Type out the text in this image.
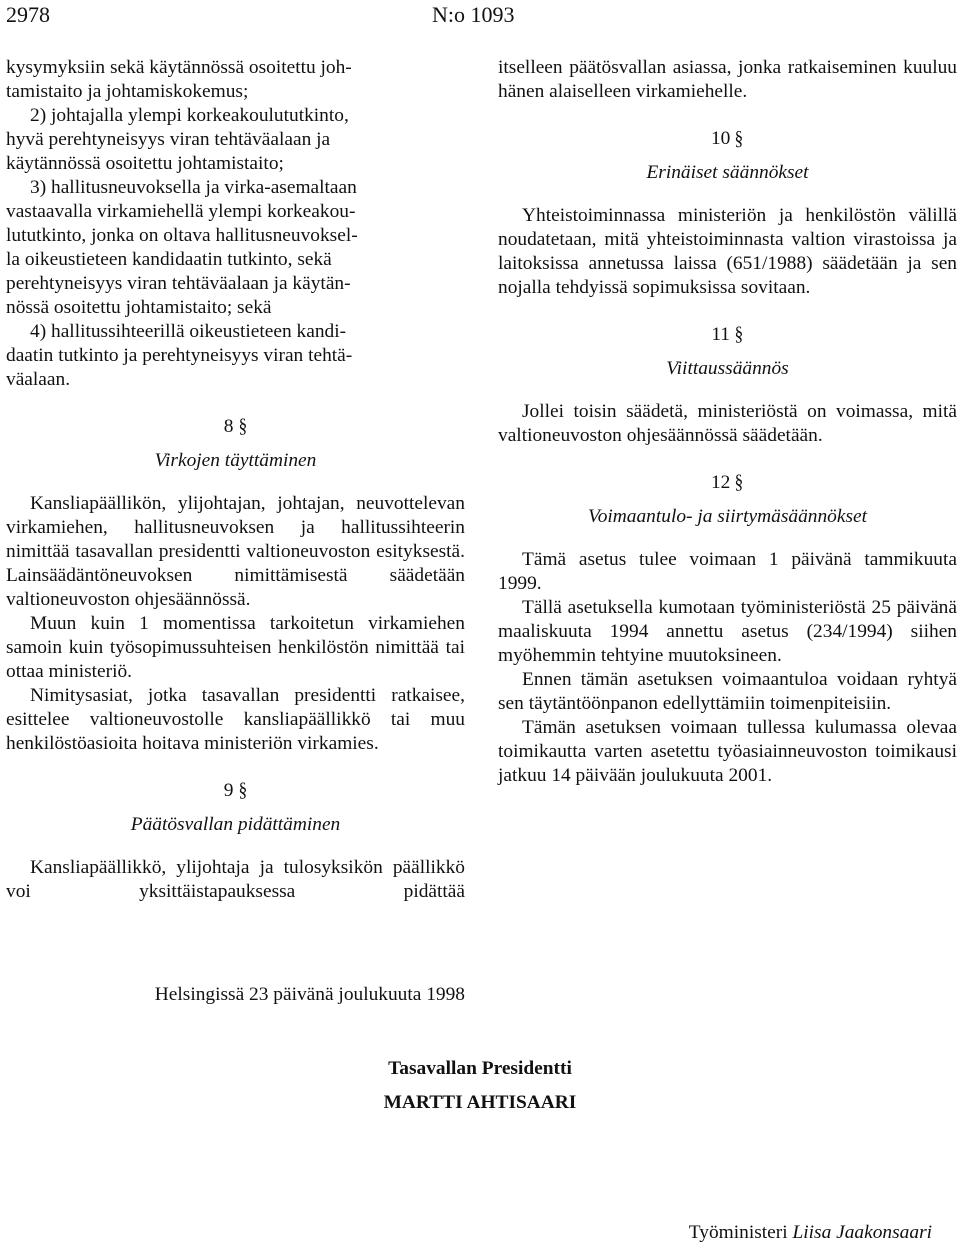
2978	N:o 1093
kysymyksiin sekä käytännössä osoitettu joh-
tamistaito ja johtamiskokemus;
2) johtajalla ylempi korkeakoulututkinto,
hyvä perehtyneisyys viran tehtäväalaan ja
käytännössä osoitettu johtamistaito;
3) hallitusneuvoksella ja virka-asemaltaan
vastaavalla virkamiehellä ylempi korkeakou-
lututkinto, jonka on oltava hallitusneuvoksel-
la oikeustieteen kandidaatin tutkinto, sekä
perehtyneisyys viran tehtäväalaan ja käytän-
nössä osoitettu johtamistaito; sekä
4) hallitussihteerillä oikeustieteen kandi-
daatin tutkinto ja perehtyneisyys viran tehtä-
väalaan.
8 §
Virkojen täyttäminen

Kansliapäällikön, ylijohtajan, johtajan, neuvottelevan virkamiehen, hallitusneuvoksen ja hallitussihteerin nimittää tasavallan presidentti valtioneuvoston esityksestä. Lainsäädäntöneuvoksen nimittämisestä säädetään valtioneuvoston ohjesäännössä.

Muun kuin 1 momentissa tarkoitetun virkamiehen samoin kuin työsopimussuhteisen henkilöstön nimittää tai ottaa ministeriö.

Nimitysasiat, jotka tasavallan presidentti ratkaisee, esittelee valtioneuvostolle kansliapäällikkö tai muu henkilöstöasioita hoitava ministeriön virkamies.

9 §
Päätösvallan pidättäminen

Kansliapäällikkö, ylijohtaja ja tulosyksikön päällikkö voi yksittäistapauksessa pidättää

itselleen päätösvallan asiassa, jonka ratkaiseminen kuuluu hänen alaiselleen virkamiehelle.

10 §
Erinäiset säännökset

Yhteistoiminnassa ministeriön ja henkilöstön välillä noudatetaan, mitä yhteistoiminnasta valtion virastoissa ja laitoksissa annetussa laissa (651/1988) säädetään ja sen nojalla tehdyissä sopimuksissa sovitaan.

11 §
Viittaussäännös

Jollei toisin säädetä, ministeriöstä on voimassa, mitä valtioneuvoston ohjesäännössä säädetään.

12 §
Voimaantulo- ja siirtymäsäännökset

Tämä asetus tulee voimaan 1 päivänä tammikuuta 1999.

Tällä asetuksella kumotaan työministeriöstä 25 päivänä maaliskuuta 1994 annettu asetus (234/1994) siihen myöhemmin tehtyine muutoksineen.

Ennen tämän asetuksen voimaantuloa voidaan ryhtyä sen täytäntöönpanon edellyttämiin toimenpiteisiin.

Tämän asetuksen voimaan tullessa kulumassa olevaa toimikautta varten asetettu työasiainneuvoston toimikausi jatkuu 14 päivään joulukuuta 2001.

Helsingissä 23 päivänä joulukuuta 1998
Tasavallan Presidentti
MARTTI AHTISAARI
Työministeri Liisa Jaakonsaari
